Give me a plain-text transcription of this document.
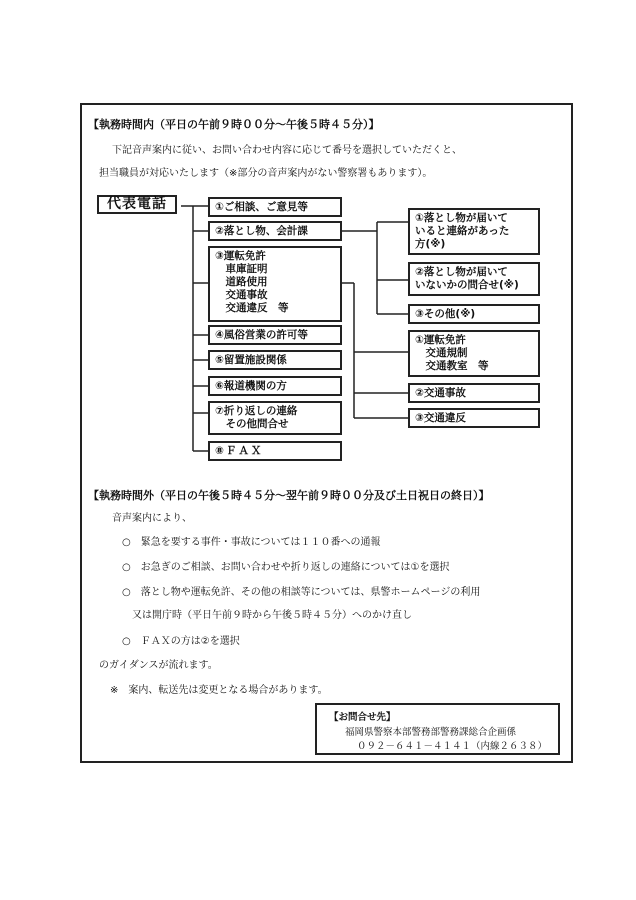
【執務時間内（平日の午前９時００分～午後５時４５分）】
下記音声案内に従い、お問い合わせ内容に応じて番号を選択していただくと、
担当職員が対応いたします（※部分の音声案内がない警察署もあります）。
代表電話	①ご相談、ご意見等
②落とし物、会計課
③運転免許
　車庫証明
　道路使用
　交通事故
　交通違反　等
④風俗営業の許可等
⑤留置施設関係
⑥報道機関の方
⑦折り返しの連絡
　その他問合せ
⑧ＦＡＸ
①落とし物が届いて
いると連絡があった
方(※)
②落とし物が届いて
いないかの問合せ(※)
③その他(※)
①運転免許
　交通規制
　交通教室　等
②交通事故
③交通違反
【執務時間外（平日の午後５時４５分～翌午前９時００分及び土日祝日の終日）】
音声案内により、
○　緊急を要する事件・事故については１１０番への通報
○　お急ぎのご相談、お問い合わせや折り返しの連絡については①を選択
○　落とし物や運転免許、その他の相談等については、県警ホームページの利用
　又は開庁時（平日午前９時から午後５時４５分）へのかけ直し
○　ＦＡＸの方は②を選択
のガイダンスが流れます。
※　案内、転送先は変更となる場合があります。
【お問合せ先】
福岡県警察本部警務部警務課総合企画係
０９２－６４１－４１４１（内線２６３８）
